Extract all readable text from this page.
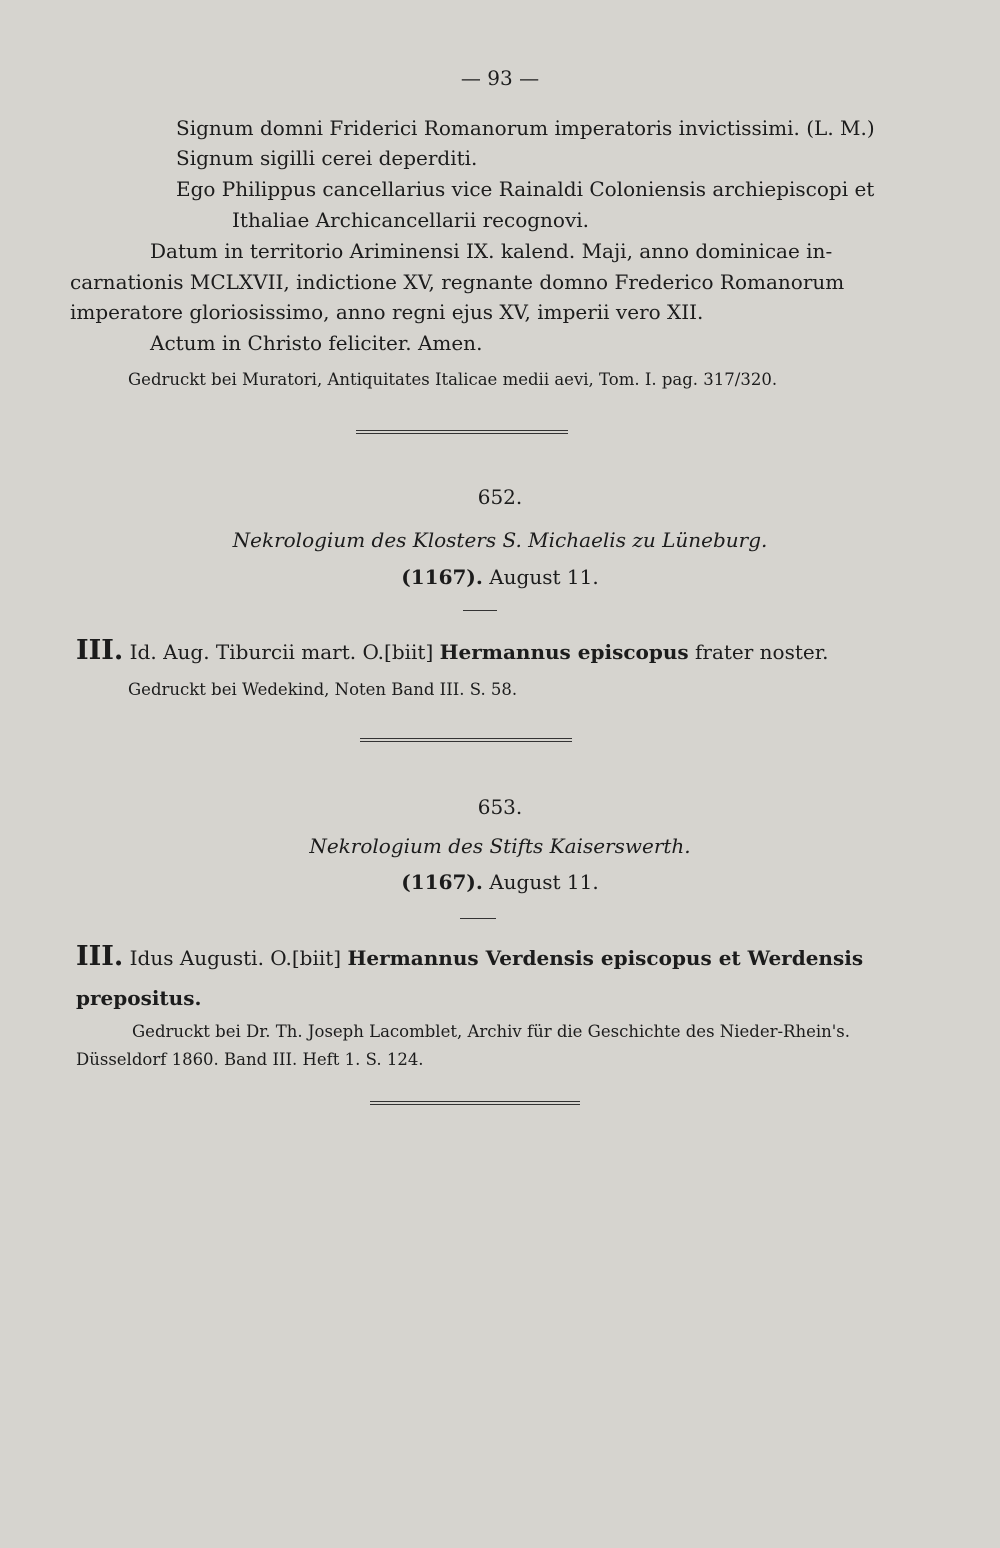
— 93 —
Signum domni Friderici Romanorum imperatoris invictissimi. (L. M.)
Signum sigilli cerei deperditi.
Ego Philippus cancellarius vice Rainaldi Coloniensis archiepiscopi et
Ithaliae Archicancellarii recognovi.
Datum in territorio Ariminensi IX. kalend. Maji, anno dominicae in-
carnationis MCLXVII, indictione XV, regnante domno Frederico Romanorum
imperatore gloriosissimo, anno regni ejus XV, imperii vero XII.
Actum in Christo feliciter. Amen.
Gedruckt bei Muratori, Antiquitates Italicae medii aevi, Tom. I. pag. 317/320.
652.
Nekrologium des Klosters S. Michaelis zu Lüneburg.
(1167). August 11.
III. Id. Aug. Tiburcii mart. O.[biit] Hermannus episcopus frater noster.
Gedruckt bei Wedekind, Noten Band III. S. 58.
653.
Nekrologium des Stifts Kaiserswerth.
(1167). August 11.
III. Idus Augusti. O.[biit] Hermannus Verdensis episcopus et Werdensis
prepositus.
Gedruckt bei Dr. Th. Joseph Lacomblet, Archiv für die Geschichte des Nieder-Rhein's.
Düsseldorf 1860. Band III. Heft 1. S. 124.
